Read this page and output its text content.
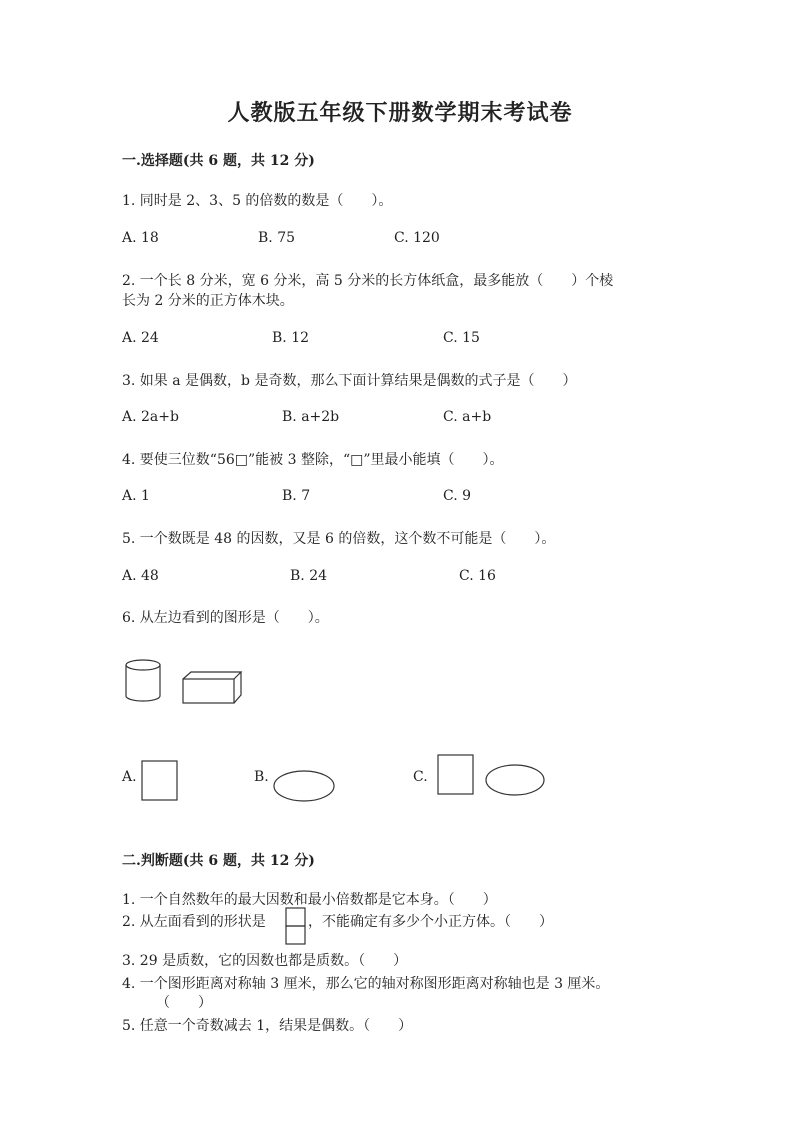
人教版五年级下册数学期末考试卷
一.选择题(共 6 题，共 12 分)
1. 同时是 2、3、5 的倍数的数是（　　）。
A. 18	B. 75	C. 120
2. 一个长 8 分米，宽 6 分米，高 5 分米的长方体纸盒，最多能放（　　）个棱
长为 2 分米的正方体木块。
A. 24	B. 12	C. 15
3. 如果 a 是偶数，b 是奇数，那么下面计算结果是偶数的式子是（　　）
A. 2a+b	B. a+2b	C. a+b
4. 要使三位数“56□”能被 3 整除，“□”里最小能填（　　）。
A. 1	B. 7	C. 9
5. 一个数既是 48 的因数，又是 6 的倍数，这个数不可能是（　　）。
A. 48	B. 24	C. 16
6. 从左边看到的图形是（　　）。
A.	B.	C.
二.判断题(共 6 题，共 12 分)
1. 一个自然数年的最大因数和最小倍数都是它本身。（　　）
2. 从左面看到的形状是	，不能确定有多少个小正方体。（　　）
3. 29 是质数，它的因数也都是质数。（　　）
4. 一个图形距离对称轴 3 厘米，那么它的轴对称图形距离对称轴也是 3 厘米。
（　　）
5. 任意一个奇数减去 1，结果是偶数。（　　）
